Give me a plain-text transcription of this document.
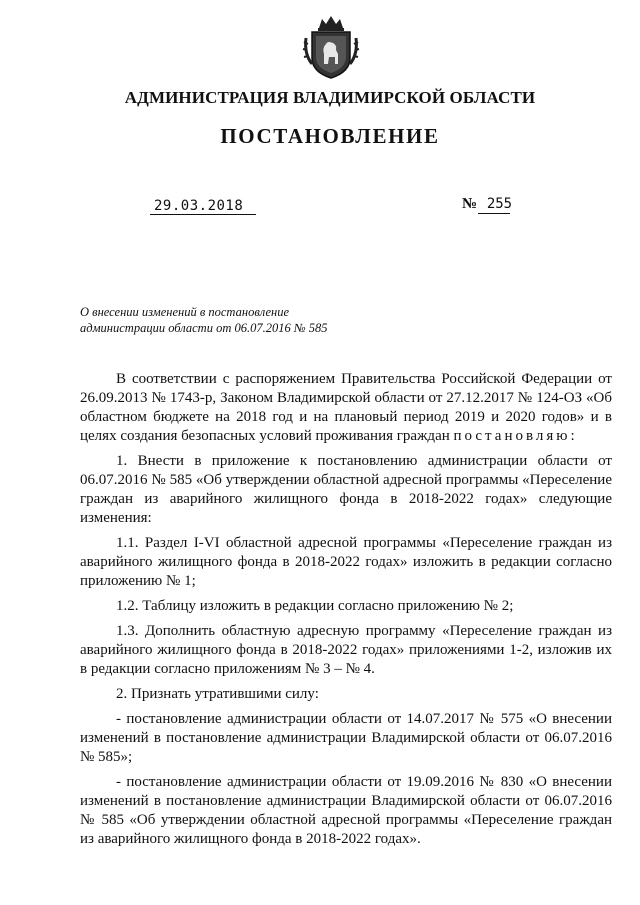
АДМИНИСТРАЦИЯ ВЛАДИМИРСКОЙ ОБЛАСТИ
ПОСТАНОВЛЕНИЕ
29.03.2018	№ 255
О внесении изменений в постановление
администрации области от 06.07.2016 № 585

В соответствии с распоряжением Правительства Российской Федерации от 26.09.2013 № 1743-р, Законом Владимирской области от 27.12.2017 № 124-ОЗ «Об областном бюджете на 2018 год и на плановый период 2019 и 2020 годов» и в целях создания безопасных условий проживания граждан постановляю:

1. Внести в приложение к постановлению администрации области от 06.07.2016 № 585 «Об утверждении областной адресной программы «Переселение граждан из аварийного жилищного фонда в 2018-2022 годах» следующие изменения:

1.1. Раздел I-VI областной адресной программы «Переселение граждан из аварийного жилищного фонда в 2018-2022 годах» изложить в редакции согласно приложению № 1;

1.2. Таблицу изложить в редакции согласно приложению № 2;

1.3. Дополнить областную адресную программу «Переселение граждан из аварийного жилищного фонда в 2018-2022 годах» приложениями 1-2, изложив их в редакции согласно приложениям № 3 – № 4.

2. Признать утратившими силу:

- постановление администрации области от 14.07.2017 № 575 «О внесении изменений в постановление администрации Владимирской области от 06.07.2016 № 585»;

- постановление администрации области от 19.09.2016 № 830 «О внесении изменений в постановление администрации Владимирской области от 06.07.2016 № 585 «Об утверждении областной адресной программы «Переселение граждан из аварийного жилищного фонда в 2018-2022 годах».
